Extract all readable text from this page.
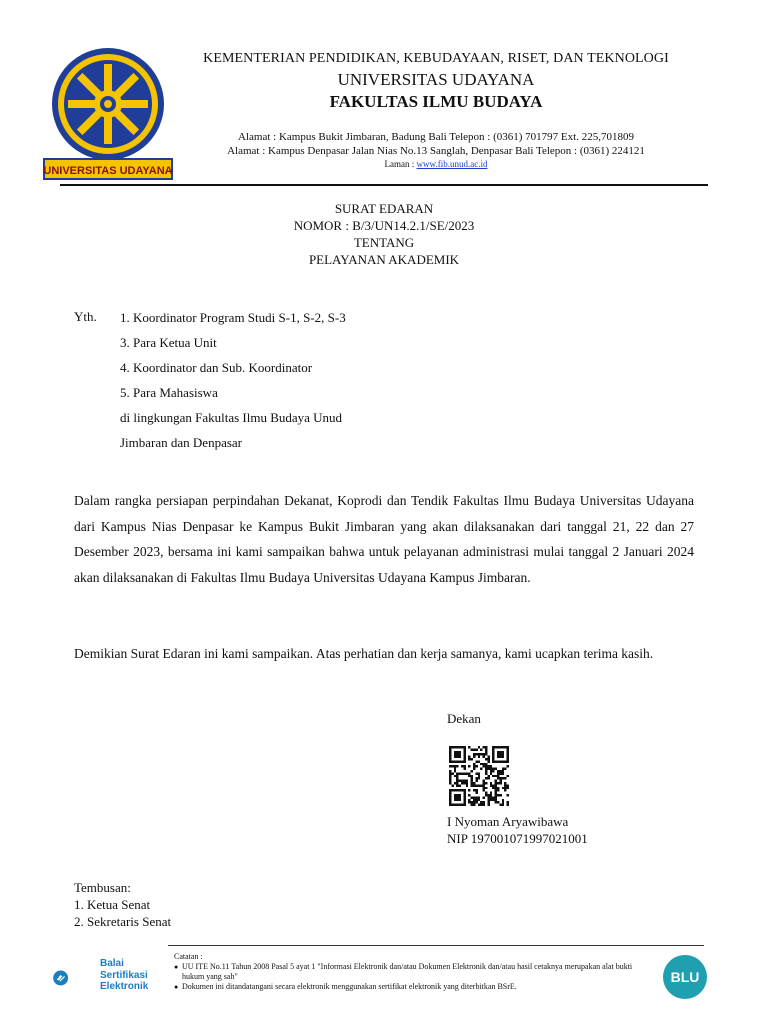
UNIVERSITAS UDAYANA
KEMENTERIAN PENDIDIKAN, KEBUDAYAAN, RISET, DAN TEKNOLOGI
UNIVERSITAS UDAYANA
FAKULTAS ILMU BUDAYA
Alamat : Kampus Bukit Jimbaran, Badung Bali Telepon : (0361) 701797 Ext. 225,701809
Alamat : Kampus Denpasar Jalan Nias No.13 Sanglah, Denpasar Bali Telepon : (0361) 224121
Laman : www.fib.unud.ac.id
SURAT EDARAN
NOMOR : B/3/UN14.2.1/SE/2023
TENTANG
PELAYANAN AKADEMIK
Yth. 1. Koordinator Program Studi S-1, S-2, S-3
3. Para Ketua Unit
4. Koordinator dan Sub. Koordinator
5. Para Mahasiswa
di lingkungan Fakultas Ilmu Budaya Unud
Jimbaran dan Denpasar
Dalam rangka persiapan perpindahan Dekanat, Koprodi dan Tendik Fakultas Ilmu Budaya Universitas Udayana dari Kampus Nias Denpasar ke Kampus Bukit Jimbaran yang akan dilaksanakan dari tanggal 21, 22 dan 27 Desember 2023, bersama ini kami sampaikan bahwa untuk pelayanan administrasi mulai tanggal 2 Januari 2024 akan dilaksanakan di Fakultas Ilmu Budaya Universitas Udayana Kampus Jimbaran.
Demikian Surat Edaran ini kami sampaikan. Atas perhatian dan kerja samanya, kami ucapkan terima kasih.
Dekan
I Nyoman Aryawibawa
NIP 197001071997021001
Tembusan:
1. Ketua Senat
2. Sekretaris Senat
Balai
Sertifikasi
Elektronik
Catatan :
● UU ITE No.11 Tahun 2008 Pasal 5 ayat 1 "Informasi Elektronik dan/atau Dokumen Elektronik dan/atau hasil cetaknya merupakan alat bukti hukum yang sah"
● Dokumen ini ditandatangani secara elektronik menggunakan sertifikat elektronik yang diterbitkan BSrE.
BLU
